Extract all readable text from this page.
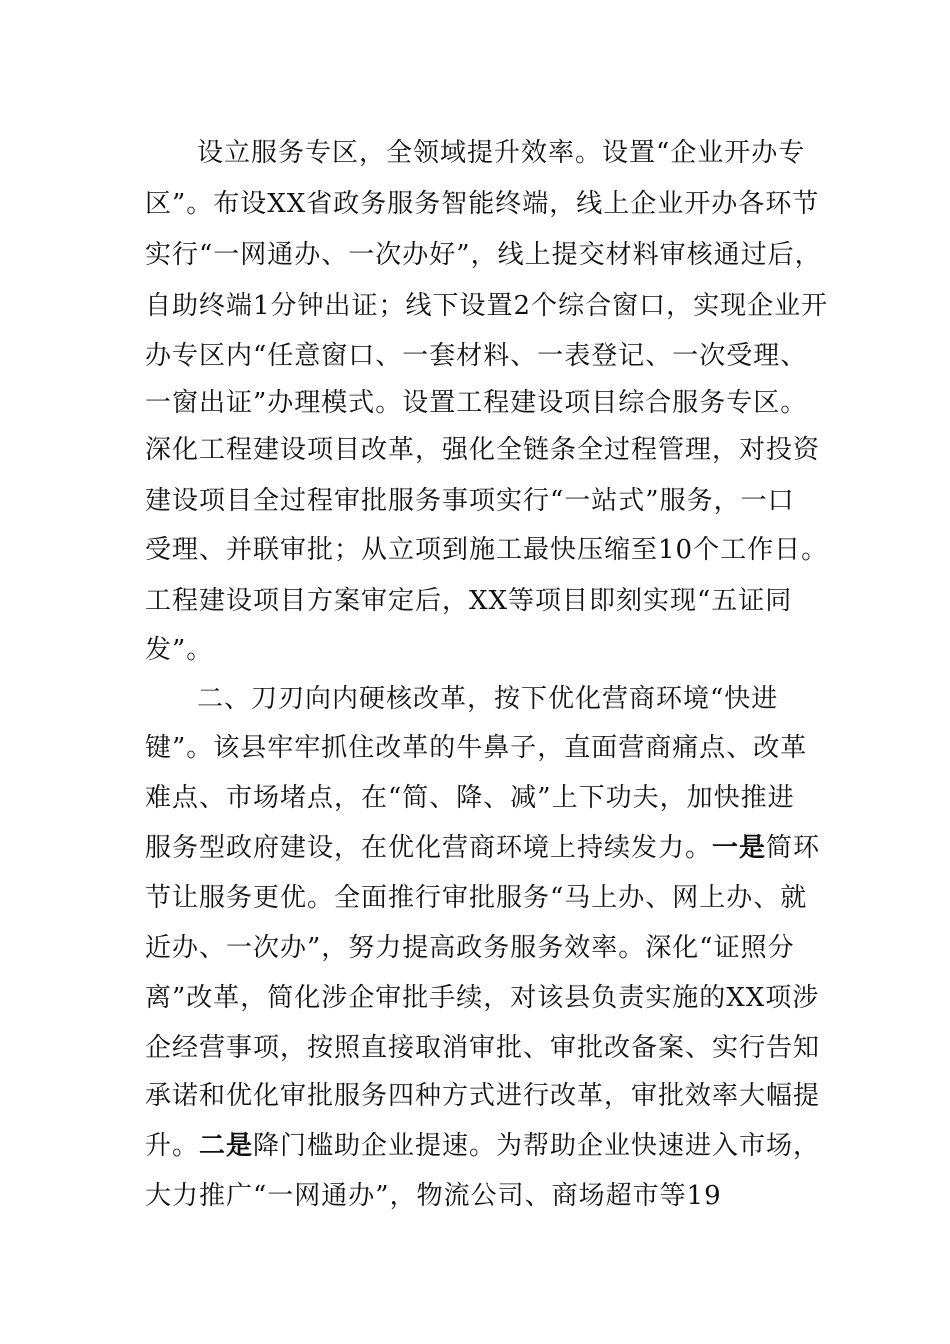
设立服务专区，全领域提升效率。设置“企业开办专
区”。布设XX省政务服务智能终端，线上企业开办各环节
实行“一网通办、一次办好”，线上提交材料审核通过后，
自助终端1分钟出证；线下设置2个综合窗口，实现企业开
办专区内“任意窗口、一套材料、一表登记、一次受理、
一窗出证”办理模式。设置工程建设项目综合服务专区。
深化工程建设项目改革，强化全链条全过程管理，对投资
建设项目全过程审批服务事项实行“一站式”服务，一口
受理、并联审批；从立项到施工最快压缩至10个工作日。
工程建设项目方案审定后，XX等项目即刻实现“五证同
发”。
二、刀刃向内硬核改革，按下优化营商环境“快进
键”。该县牢牢抓住改革的牛鼻子，直面营商痛点、改革
难点、市场堵点，在“简、降、减”上下功夫，加快推进
服务型政府建设，在优化营商环境上持续发力。一是简环
节让服务更优。全面推行审批服务“马上办、网上办、就
近办、一次办”，努力提高政务服务效率。深化“证照分
离”改革，简化涉企审批手续，对该县负责实施的XX项涉
企经营事项，按照直接取消审批、审批改备案、实行告知
承诺和优化审批服务四种方式进行改革，审批效率大幅提
升。二是降门槛助企业提速。为帮助企业快速进入市场，
大力推广“一网通办”，物流公司、商场超市等19
